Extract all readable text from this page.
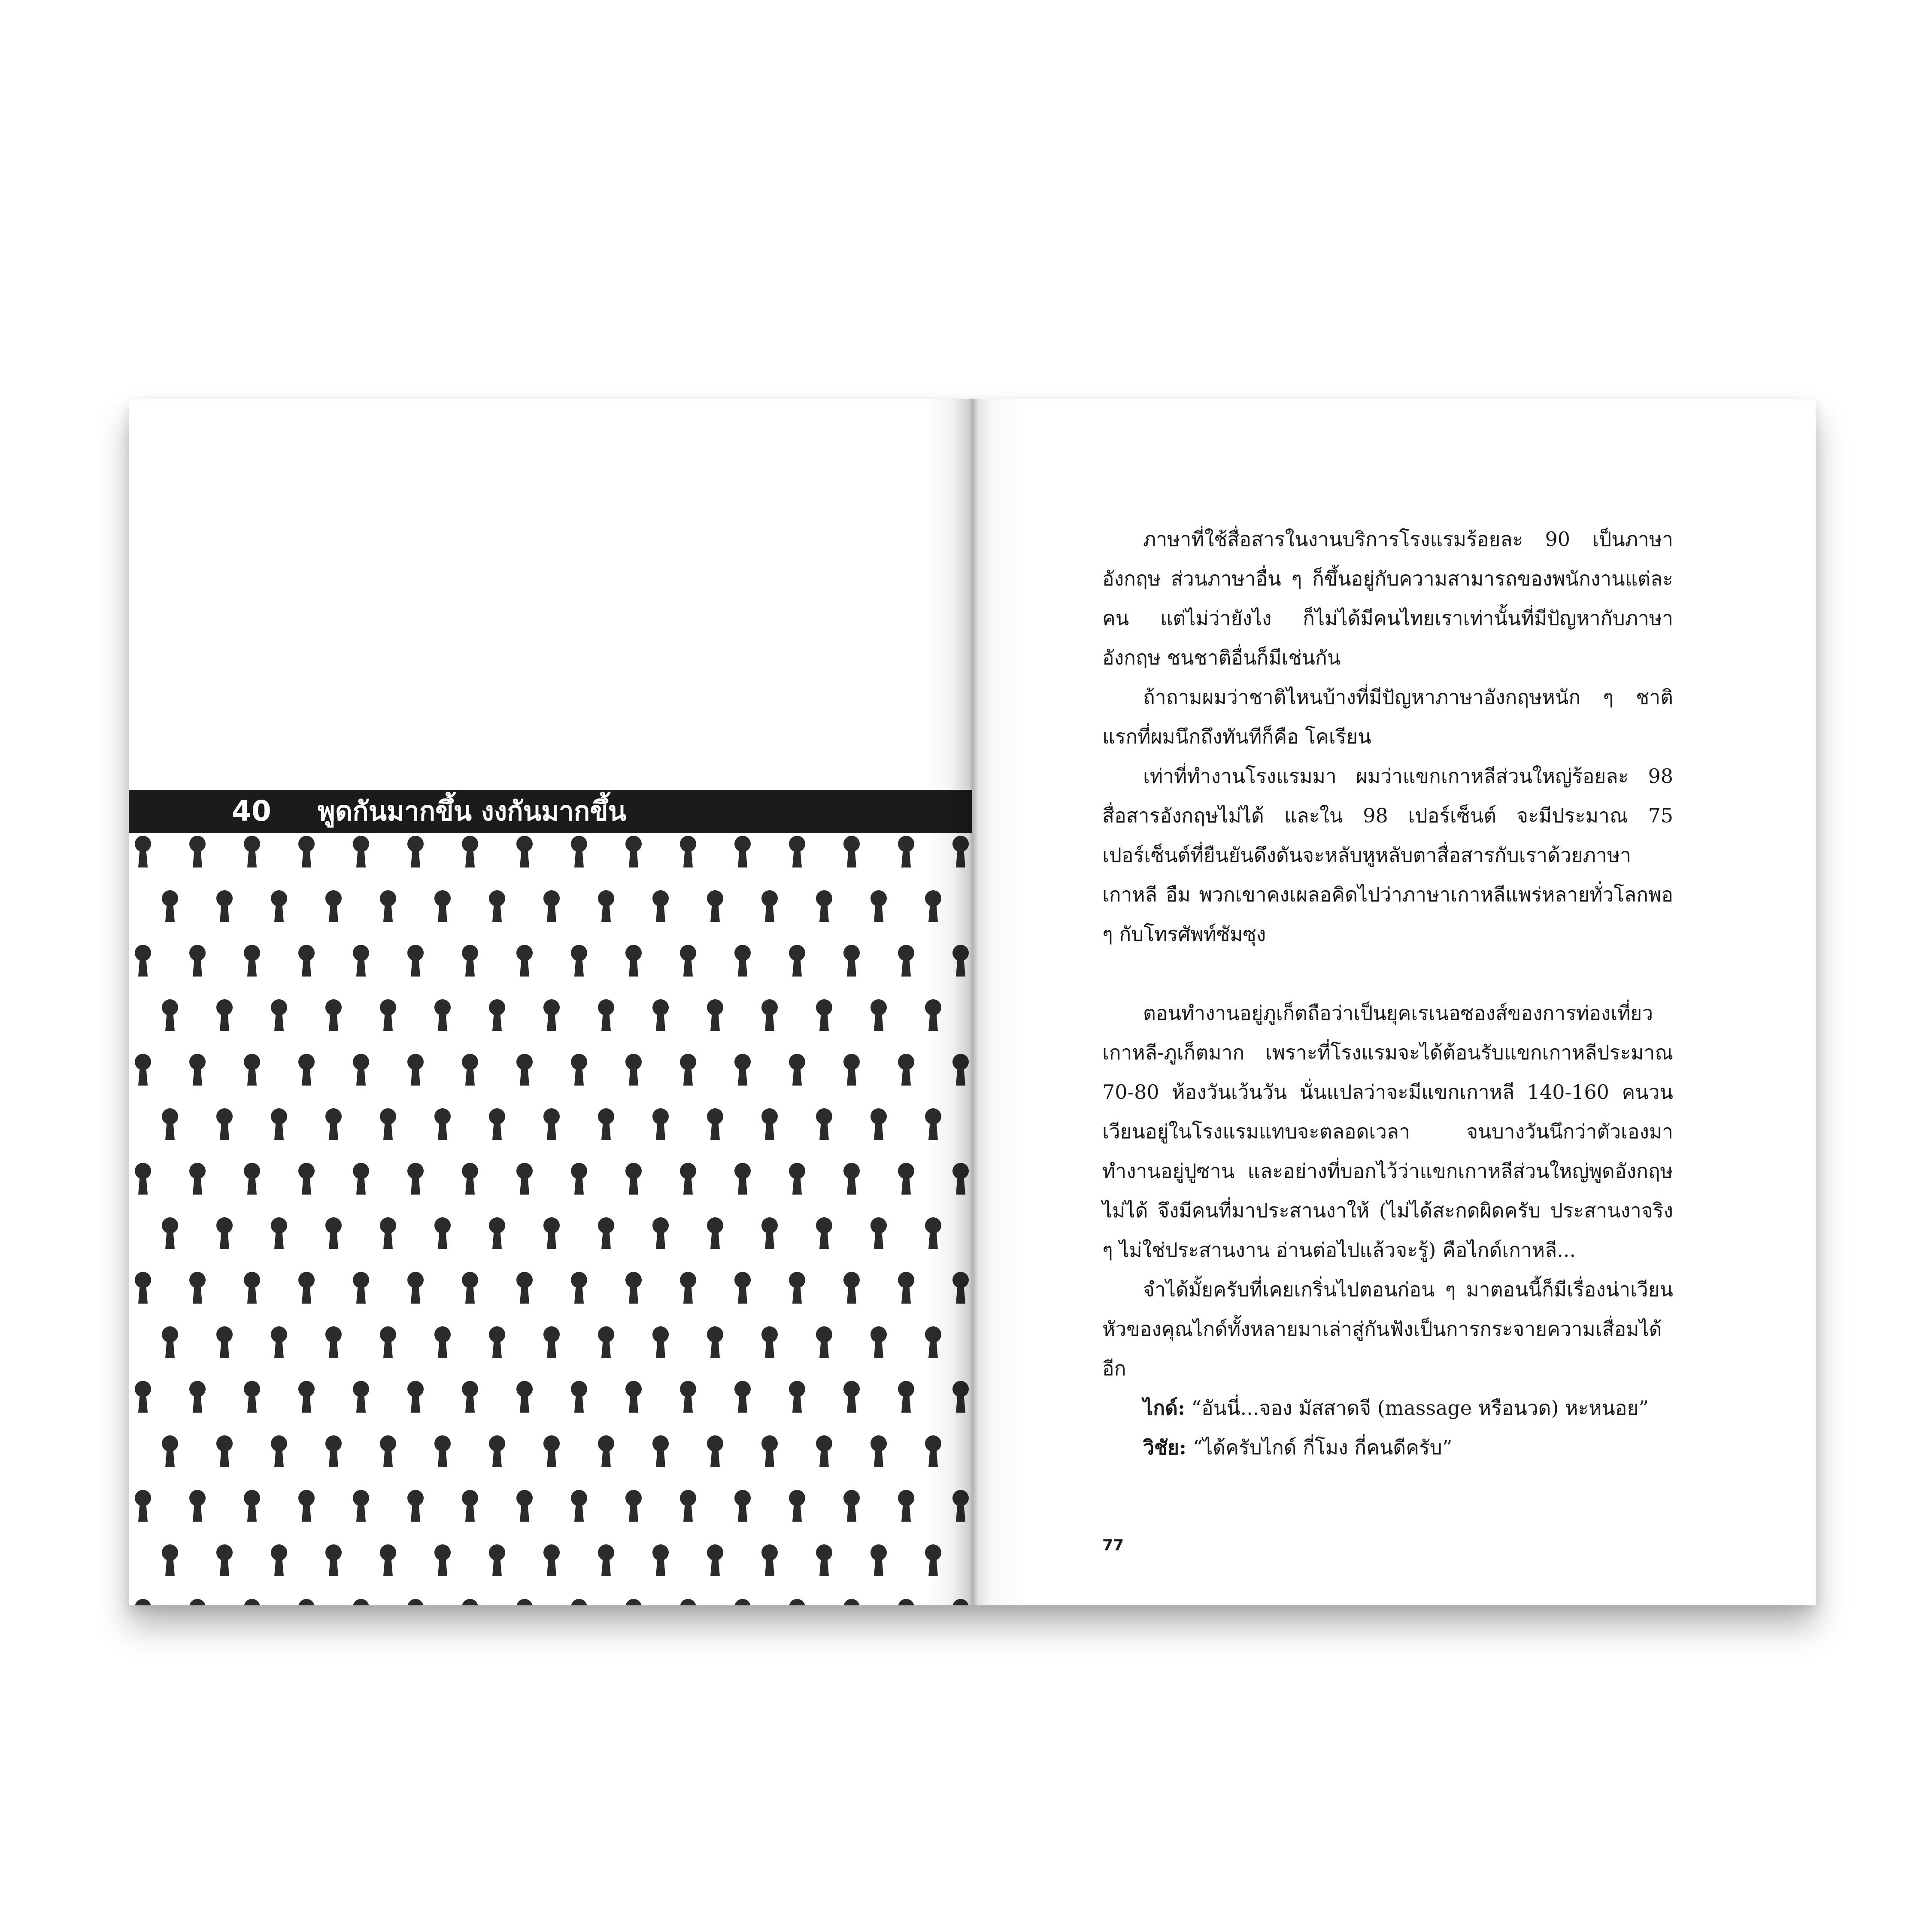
40 พูดกันมากขึ้น งงกันมากขึ้น

ภาษาที่ใช้สื่อสารในงานบริการโรงแรมร้อยละ 90 เป็นภาษาอังกฤษ ส่วนภาษาอื่น ๆ ก็ขึ้นอยู่กับความสามารถของพนักงานแต่ละคน แต่ไม่ว่ายังไง ก็ไม่ได้มีคนไทยเราเท่านั้นที่มีปัญหากับภาษาอังกฤษ ชนชาติอื่นก็มีเช่นกัน

ถ้าถามผมว่าชาติไหนบ้างที่มีปัญหาภาษาอังกฤษหนัก ๆ ชาติแรกที่ผมนึกถึงทันทีก็คือ โคเรียน

เท่าที่ทำงานโรงแรมมา ผมว่าแขกเกาหลีส่วนใหญ่ร้อยละ 98 สื่อสารอังกฤษไม่ได้ และใน 98 เปอร์เซ็นต์ จะมีประมาณ 75 เปอร์เซ็นต์ที่ยืนยันดึงดันจะหลับหูหลับตาสื่อสารกับเราด้วยภาษาเกาหลี อืม พวกเขาคงเผลอคิดไปว่าภาษาเกาหลีแพร่หลายทั่วโลกพอ ๆ กับโทรศัพท์ซัมซุง

ตอนทำงานอยู่ภูเก็ตถือว่าเป็นยุคเรเนอซองส์ของการท่องเที่ยวเกาหลี-ภูเก็ตมาก เพราะที่โรงแรมจะได้ต้อนรับแขกเกาหลีประมาณ 70-80 ห้องวันเว้นวัน นั่นแปลว่าจะมีแขกเกาหลี 140-160 คนวนเวียนอยู่ในโรงแรมแทบจะตลอดเวลา จนบางวันนึกว่าตัวเองมาทำงานอยู่ปูซาน และอย่างที่บอกไว้ว่าแขกเกาหลีส่วนใหญ่พูดอังกฤษไม่ได้ จึงมีคนที่มาประสานงาให้ (ไม่ได้สะกดผิดครับ ประสานงาจริง ๆ ไม่ใช่ประสานงาน อ่านต่อไปแล้วจะรู้) คือไกด์เกาหลี...

จำได้มั้ยครับที่เคยเกริ่นไปตอนก่อน ๆ มาตอนนี้ก็มีเรื่องน่าเวียนหัวของคุณไกด์ทั้งหลายมาเล่าสู่กันฟังเป็นการกระจายความเสื่อมได้อีก

ไกด์: “อันนี่...จอง มัสสาดจี (massage หรือนวด) หะหนอย”

วิชัย: “ได้ครับไกด์ กี่โมง กี่คนดีครับ”

77
